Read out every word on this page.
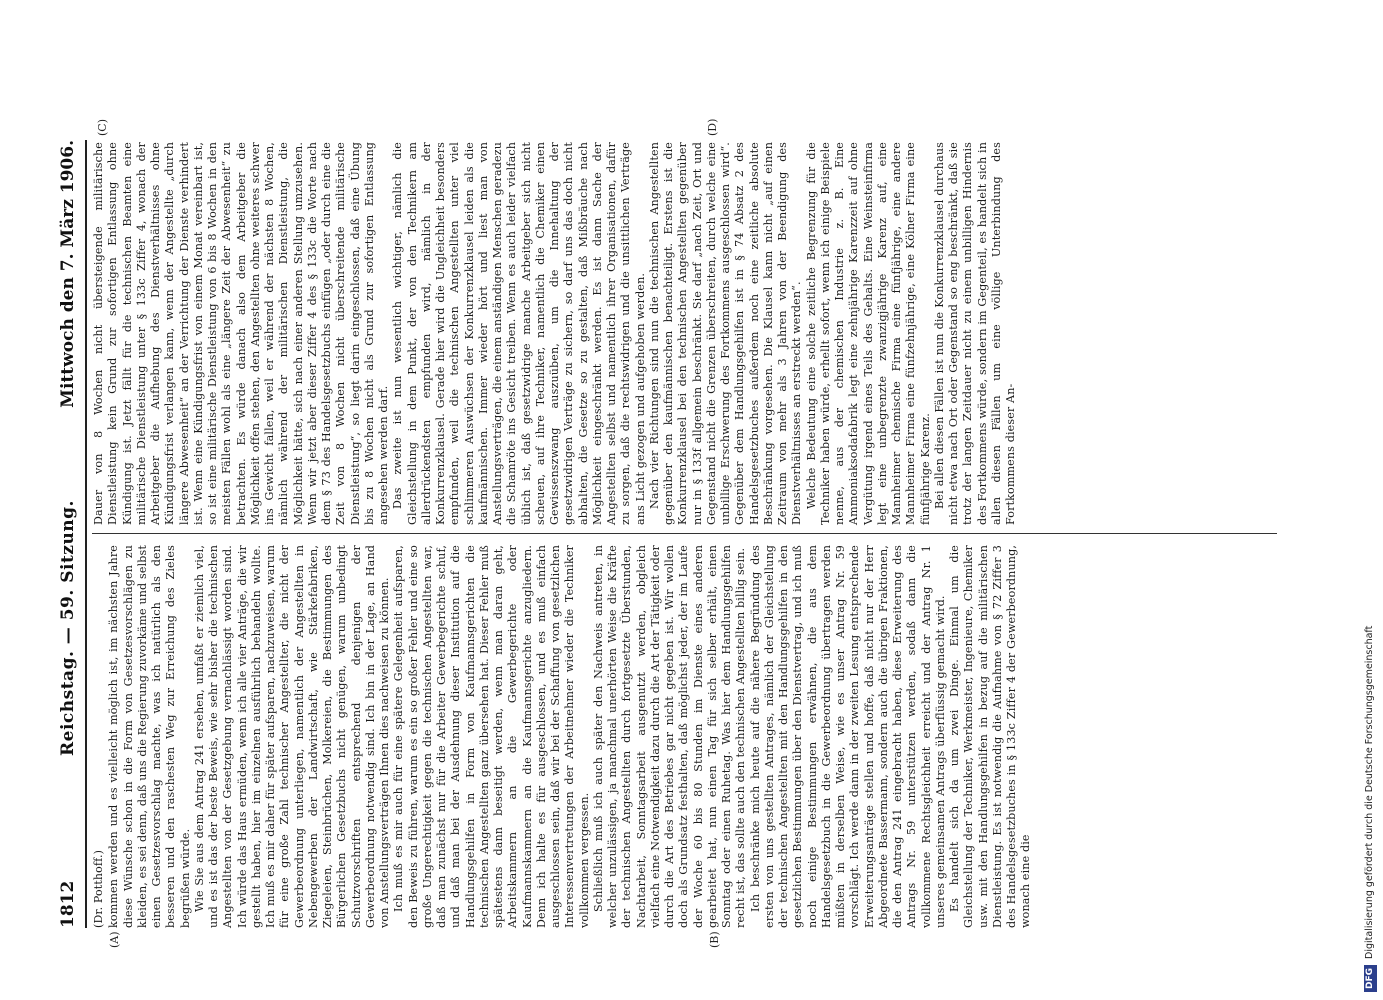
1812
Reichstag. — 59. Sitzung.
Mittwoch den 7. März 1906.
(A)	(B)
(C)	(D)
(Dr. Potthoff.) kommen werden und es vielleicht möglich ist, im nächsten Jahre diese Wünsche schon in die Form von Gesetzesvorschlägen zu kleiden, es sei denn, daß uns die Regierung zuvorkäme und selbst einen Gesetzesvorschlag machte, was ich natürlich als den besseren und den raschesten Weg zur Erreichung des Zieles begrüßen würde. Wie Sie aus dem Antrag 241 ersehen, umfaßt er ziemlich viel, und es ist das der beste Beweis, wie sehr bisher die technischen Angestellten von der Gesetzgebung vernachlässigt worden sind. Ich würde das Haus ermüden, wenn ich alle vier Anträge, die wir gestellt haben, hier im einzelnen ausführlich behandeln wollte. Ich muß es mir daher für später aufsparen, nachzuweisen, warum für eine große Zahl technischer Angestellter, die nicht der Gewerbeordnung unterliegen, namentlich der Angestellten in Nebengewerben der Landwirtschaft, wie Stärkefabriken, Ziegeleien, Steinbrüchen, Molkereien, die Bestimmungen des Bürgerlichen Gesetzbuchs nicht genügen, warum unbedingt Schutzvorschriften entsprechend denjenigen der Gewerbeordnung notwendig sind. Ich bin in der Lage, an Hand von Anstellungsverträgen Ihnen dies nachweisen zu können. Ich muß es mir auch für eine spätere Gelegenheit aufsparen, den Beweis zu führen, warum es ein so großer Fehler und eine so große Ungerechtigkeit gegen die technischen Angestellten war, daß man zunächst nur für die Arbeiter Gewerbegerichte schuf, und daß man bei der Ausdehnung dieser Institution auf die Handlungsgehilfen in Form von Kaufmannsgerichten die technischen Angestellten ganz übersehen hat. Dieser Fehler muß spätestens dann beseitigt werden, wenn man daran geht, Arbeitskammern an die Gewerbegerichte oder Kaufmannskammern an die Kaufmannsgerichte anzugliedern. Denn ich halte es für ausgeschlossen, und es muß einfach ausgeschlossen sein, daß wir bei der Schaffung von gesetzlichen Interessenvertretungen der Arbeitnehmer wieder die Techniker vollkommen vergessen. Schließlich muß ich auch später den Nachweis antreten, in welcher unzulässigen, ja manchmal unerhörten Weise die Kräfte der technischen Angestellten durch fortgesetzte Überstunden, Nachtarbeit, Sonntagsarbeit ausgenutzt werden, obgleich vielfach eine Notwendigkeit dazu durch die Art der Tätigkeit oder durch die Art des Betriebes gar nicht gegeben ist. Wir wollen doch als Grundsatz festhalten, daß möglichst jeder, der im Laufe der Woche 60 bis 80 Stunden im Dienste eines anderen gearbeitet hat, nun einen Tag für sich selber erhält, einen Sonntag oder einen Ruhetag. Was hier dem Handlungsgehilfen recht ist, das sollte auch den technischen Angestellten billig sein. Ich beschränke mich heute auf die nähere Begründung des ersten von uns gestellten Antrages, nämlich der Gleichstellung der technischen Angestellten mit den Handlungsgehilfen in den gesetzlichen Bestimmungen über den Dienstvertrag, und ich muß noch einige Bestimmungen erwähnen, die aus dem Handelsgesetzbuch in die Gewerbeordnung übertragen werden müßten in derselben Weise, wie es unser Antrag Nr. 59 vorschlägt. Ich werde dann in der zweiten Lesung entsprechende Erweiterungsanträge stellen und hoffe, daß nicht nur der Herr Abgeordnete Bassermann, sondern auch die übrigen Fraktionen, die den Antrag 241 eingebracht haben, diese Erweiterung des Antrags Nr. 59 unterstützen werden, sodaß dann die vollkommene Rechtsgleichheit erreicht und der Antrag Nr. 1 unseres gemeinsamen Antrags überflüssig gemacht wird. Es handelt sich da um zwei Dinge. Einmal um die Gleichstellung der Techniker, Werkmeister, Ingenieure, Chemiker usw. mit den Handlungsgehilfen in bezug auf die militärischen Dienstleistung. Es ist notwendig die Aufnahme von § 72 Ziffer 3 des Handelsgesetzbuches in § 133c Ziffer 4 der Gewerbeordnung, wonach eine die

Dauer von 8 Wochen nicht übersteigende militärische Dienstleistung kein Grund zur sofortigen Entlassung ohne Kündigung ist. Jetzt fällt für die technischen Beamten eine militärische Dienstleistung unter § 133c Ziffer 4, wonach der Arbeitgeber die Aufhebung des Dienstverhältnisses ohne Kündigungsfrist verlangen kann, wenn der Angestellte „durch längere Abwesenheit“ an der Verrichtung der Dienste verhindert ist. Wenn eine Kündigungsfrist von einem Monat vereinbart ist, so ist eine militärische Dienstleistung von 6 bis 8 Wochen in den meisten Fällen wohl als eine „längere Zeit der Abwesenheit“ zu betrachten. Es würde danach also dem Arbeitgeber die Möglichkeit offen stehen, den Angestellten ohne weiteres schwer ins Gewicht fallen, weil er während der nächsten 8 Wochen, nämlich während der militärischen Dienstleistung, die Möglichkeit hätte, sich nach einer anderen Stellung umzusehen. Wenn wir jetzt aber dieser Ziffer 4 des § 133c die Worte nach dem § 73 des Handelsgesetzbuchs einfügen „oder durch eine die Zeit von 8 Wochen nicht überschreitende militärische Dienstleistung“, so liegt darin eingeschlossen, daß eine Übung bis zu 8 Wochen nicht als Grund zur sofortigen Entlassung angesehen werden darf. Das zweite ist nun wesentlich wichtiger, nämlich die Gleichstellung in dem Punkt, der von den Technikern am allerdrückendsten empfunden wird, nämlich in der Konkurrenzklausel. Gerade hier wird die Ungleichheit besonders empfunden, weil die technischen Angestellten unter viel schlimmeren Auswüchsen der Konkurrenzklausel leiden als die kaufmännischen. Immer wieder hört und liest man von Anstellungsverträgen, die einem anständigen Menschen geradezu die Schamröte ins Gesicht treiben. Wenn es auch leider vielfach üblich ist, daß gesetzwidrige manche Arbeitgeber sich nicht scheuen, auf ihre Techniker, namentlich die Chemiker einen Gewissenszwang auszuüben, um die Innehaltung der gesetzwidrigen Verträge zu sichern, so darf uns das doch nicht abhalten, die Gesetze so zu gestalten, daß Mißbräuche nach Möglichkeit eingeschränkt werden. Es ist dann Sache der Angestellten selbst und namentlich ihrer Organisationen, dafür zu sorgen, daß die rechtswidrigen und die unsittlichen Verträge ans Licht gezogen und aufgehoben werden. Nach vier Richtungen sind nun die technischen Angestellten gegenüber den kaufmännischen benachteiligt. Erstens ist die Konkurrenzklausel bei den technischen Angestellten gegenüber nur in § 133f allgemein beschränkt. Sie darf „nach Zeit, Ort und Gegenstand nicht die Grenzen überschreiten, durch welche eine unbillige Erschwerung des Fortkommens ausgeschlossen wird“. Gegenüber dem Handlungsgehilfen ist in § 74 Absatz 2 des Handelsgesetzbuches außerdem noch eine zeitliche absolute Beschränkung vorgesehen. Die Klausel kann nicht „auf einen Zeitraum von mehr als 3 Jahren von der Beendigung des Dienstverhältnisses an erstreckt werden“. Welche Bedeutung eine solche zeitliche Begrenzung für die Techniker haben würde, erhellt sofort, wenn ich einige Beispiele nenne, aus der chemischen Industrie z. B. Eine Ammoniaksodafabrik legt eine zehnjährige Karenzzeit auf ohne Vergütung irgend eines Teils des Gehalts. Eine Weinsteinfirma legt eine unbegrenzte zwanzigjährige Karenz auf, eine Mannheimer chemische Firma eine fünfjährige, eine andere Mannheimer Firma eine fünfzehnjährige, eine Kölner Firma eine fünfjährige Karenz. Bei allen diesen Fällen ist nun die Konkurrenzklausel durchaus nicht etwa nach Ort oder Gegenstand so eng beschränkt, daß sie trotz der langen Zeitdauer nicht zu einem unbilligen Hindernis des Fortkommens würde, sondern im Gegenteil, es handelt sich in allen diesen Fällen um eine völlige Unterbindung des Fortkommens dieser An-

DFGDigitalisierung gefördert durch die Deutsche Forschungsgemeinschaft
